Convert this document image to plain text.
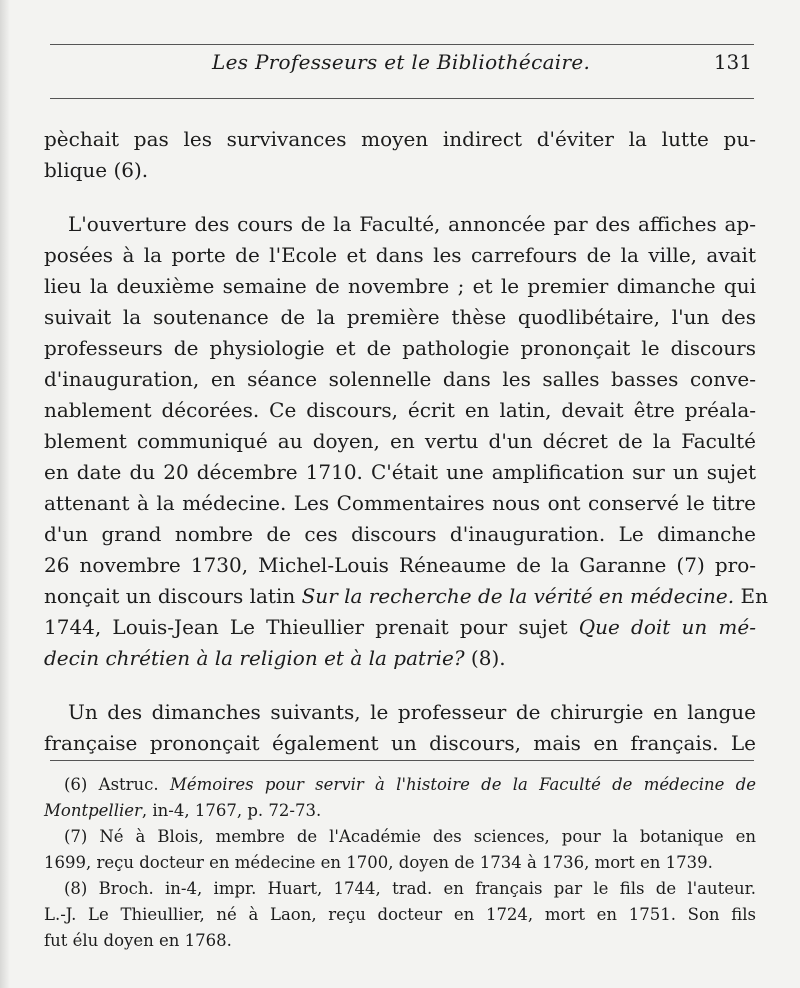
Les Professeurs et le Bibliothécaire.	131
pèchait pas les survivances moyen indirect d'éviter la lutte pu-
blique (6).
L'ouverture des cours de la Faculté, annoncée par des affiches ap-
posées à la porte de l'Ecole et dans les carrefours de la ville, avait
lieu la deuxième semaine de novembre ; et le premier dimanche qui
suivait la soutenance de la première thèse quodlibétaire, l'un des
professeurs de physiologie et de pathologie prononçait le discours
d'inauguration, en séance solennelle dans les salles basses conve-
nablement décorées. Ce discours, écrit en latin, devait être préala-
blement communiqué au doyen, en vertu d'un décret de la Faculté
en date du 20 décembre 1710. C'était une amplification sur un sujet
attenant à la médecine. Les Commentaires nous ont conservé le titre
d'un grand nombre de ces discours d'inauguration. Le dimanche
26 novembre 1730, Michel-Louis Réneaume de la Garanne (7) pro-
nonçait un discours latin Sur la recherche de la vérité en médecine. En
1744, Louis-Jean Le Thieullier prenait pour sujet Que doit un mé-
decin chrétien à la religion et à la patrie? (8).
Un des dimanches suivants, le professeur de chirurgie en langue
française prononçait également un discours, mais en français. Le
(6) Astruc. Mémoires pour servir à l'histoire de la Faculté de médecine de
Montpellier, in-4, 1767, p. 72-73.
(7) Né à Blois, membre de l'Académie des sciences, pour la botanique en
1699, reçu docteur en médecine en 1700, doyen de 1734 à 1736, mort en 1739.
(8) Broch. in-4, impr. Huart, 1744, trad. en français par le fils de l'auteur.
L.-J. Le Thieullier, né à Laon, reçu docteur en 1724, mort en 1751. Son fils
fut élu doyen en 1768.
